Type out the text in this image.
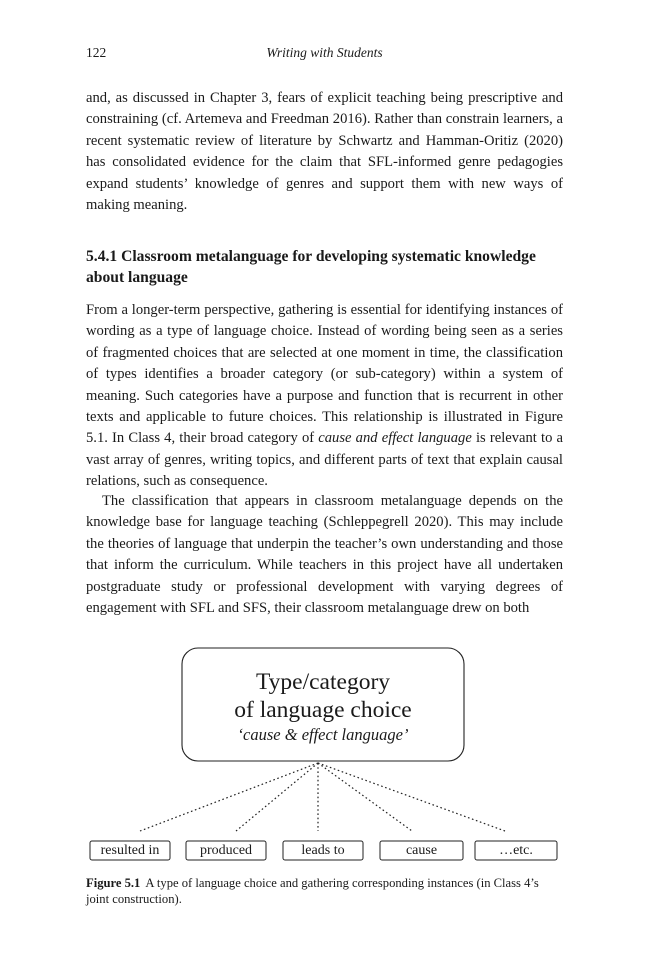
122	Writing with Students

and, as discussed in Chapter 3, fears of explicit teaching being prescriptive and constraining (cf. Artemeva and Freedman 2016). Rather than constrain learners, a recent systematic review of literature by Schwartz and Hamman-Oritiz (2020) has consolidated evidence for the claim that SFL-informed genre pedagogies expand students’ knowledge of genres and support them with new ways of making meaning.

5.4.1 Classroom metalanguage for developing systematic knowledge about language

From a longer-term perspective, gathering is essential for identifying instances of wording as a type of language choice. Instead of wording being seen as a series of fragmented choices that are selected at one moment in time, the classification of types identifies a broader category (or sub-category) within a system of meaning. Such categories have a purpose and function that is recurrent in other texts and applicable to future choices. This relationship is illustrated in Figure 5.1. In Class 4, their broad category of cause and effect language is relevant to a vast array of genres, writing topics, and different parts of text that explain causal relations, such as consequence.

The classification that appears in classroom metalanguage depends on the knowledge base for language teaching (Schleppegrell 2020). This may include the theories of language that underpin the teacher’s own understanding and those that inform the curriculum. While teachers in this project have all undertaken postgraduate study or professional development with varying degrees of engagement with SFL and SFS, their classroom metalanguage drew on both

Type/category
of language choice
‘cause & effect language’
resulted in	produced	leads to	cause	…etc.

Figure 5.1 A type of language choice and gathering corresponding instances (in Class 4’s joint construction).
